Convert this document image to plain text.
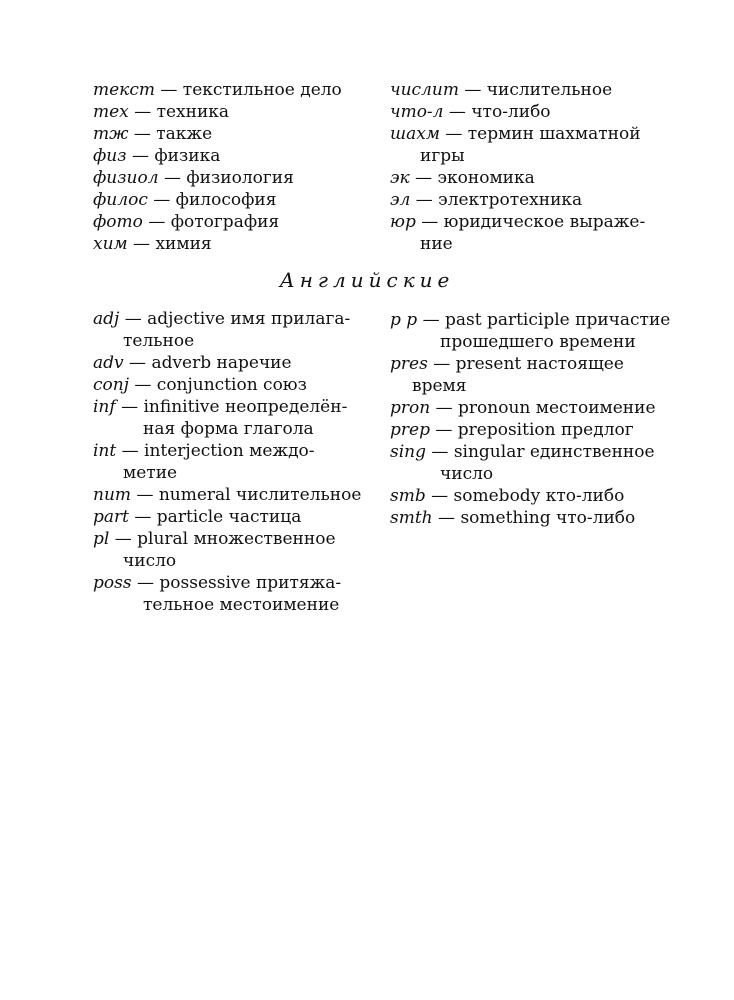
текст — текстильное дело

тех — техника

тж — также

физ — физика

физиол — физиология

филос — философия

фото — фотография

хим — химия

числит — числительное

что-л — что-либо

шахм — термин шахматной
игры

эк — экономика

эл — электротехника

юр — юридическое выраже-
ние

Английские

adj — adjective имя прилага-
тельное

adv — adverb наречие

conj — conjunction союз

inf — infinitive неопределён-
ная форма глагола

int — interjection междо-
метие

num — numeral числительное

part — particle частица

pl — plural множественное
число

poss — possessive притяжа-
тельное местоимение

p p — past participle причастие
прошедшего времени

pres — present настоящее
время

pron — pronoun местоимение

prep — preposition предлог

sing — singular единственное
число

smb — somebody кто-либо

smth — something что-либо
